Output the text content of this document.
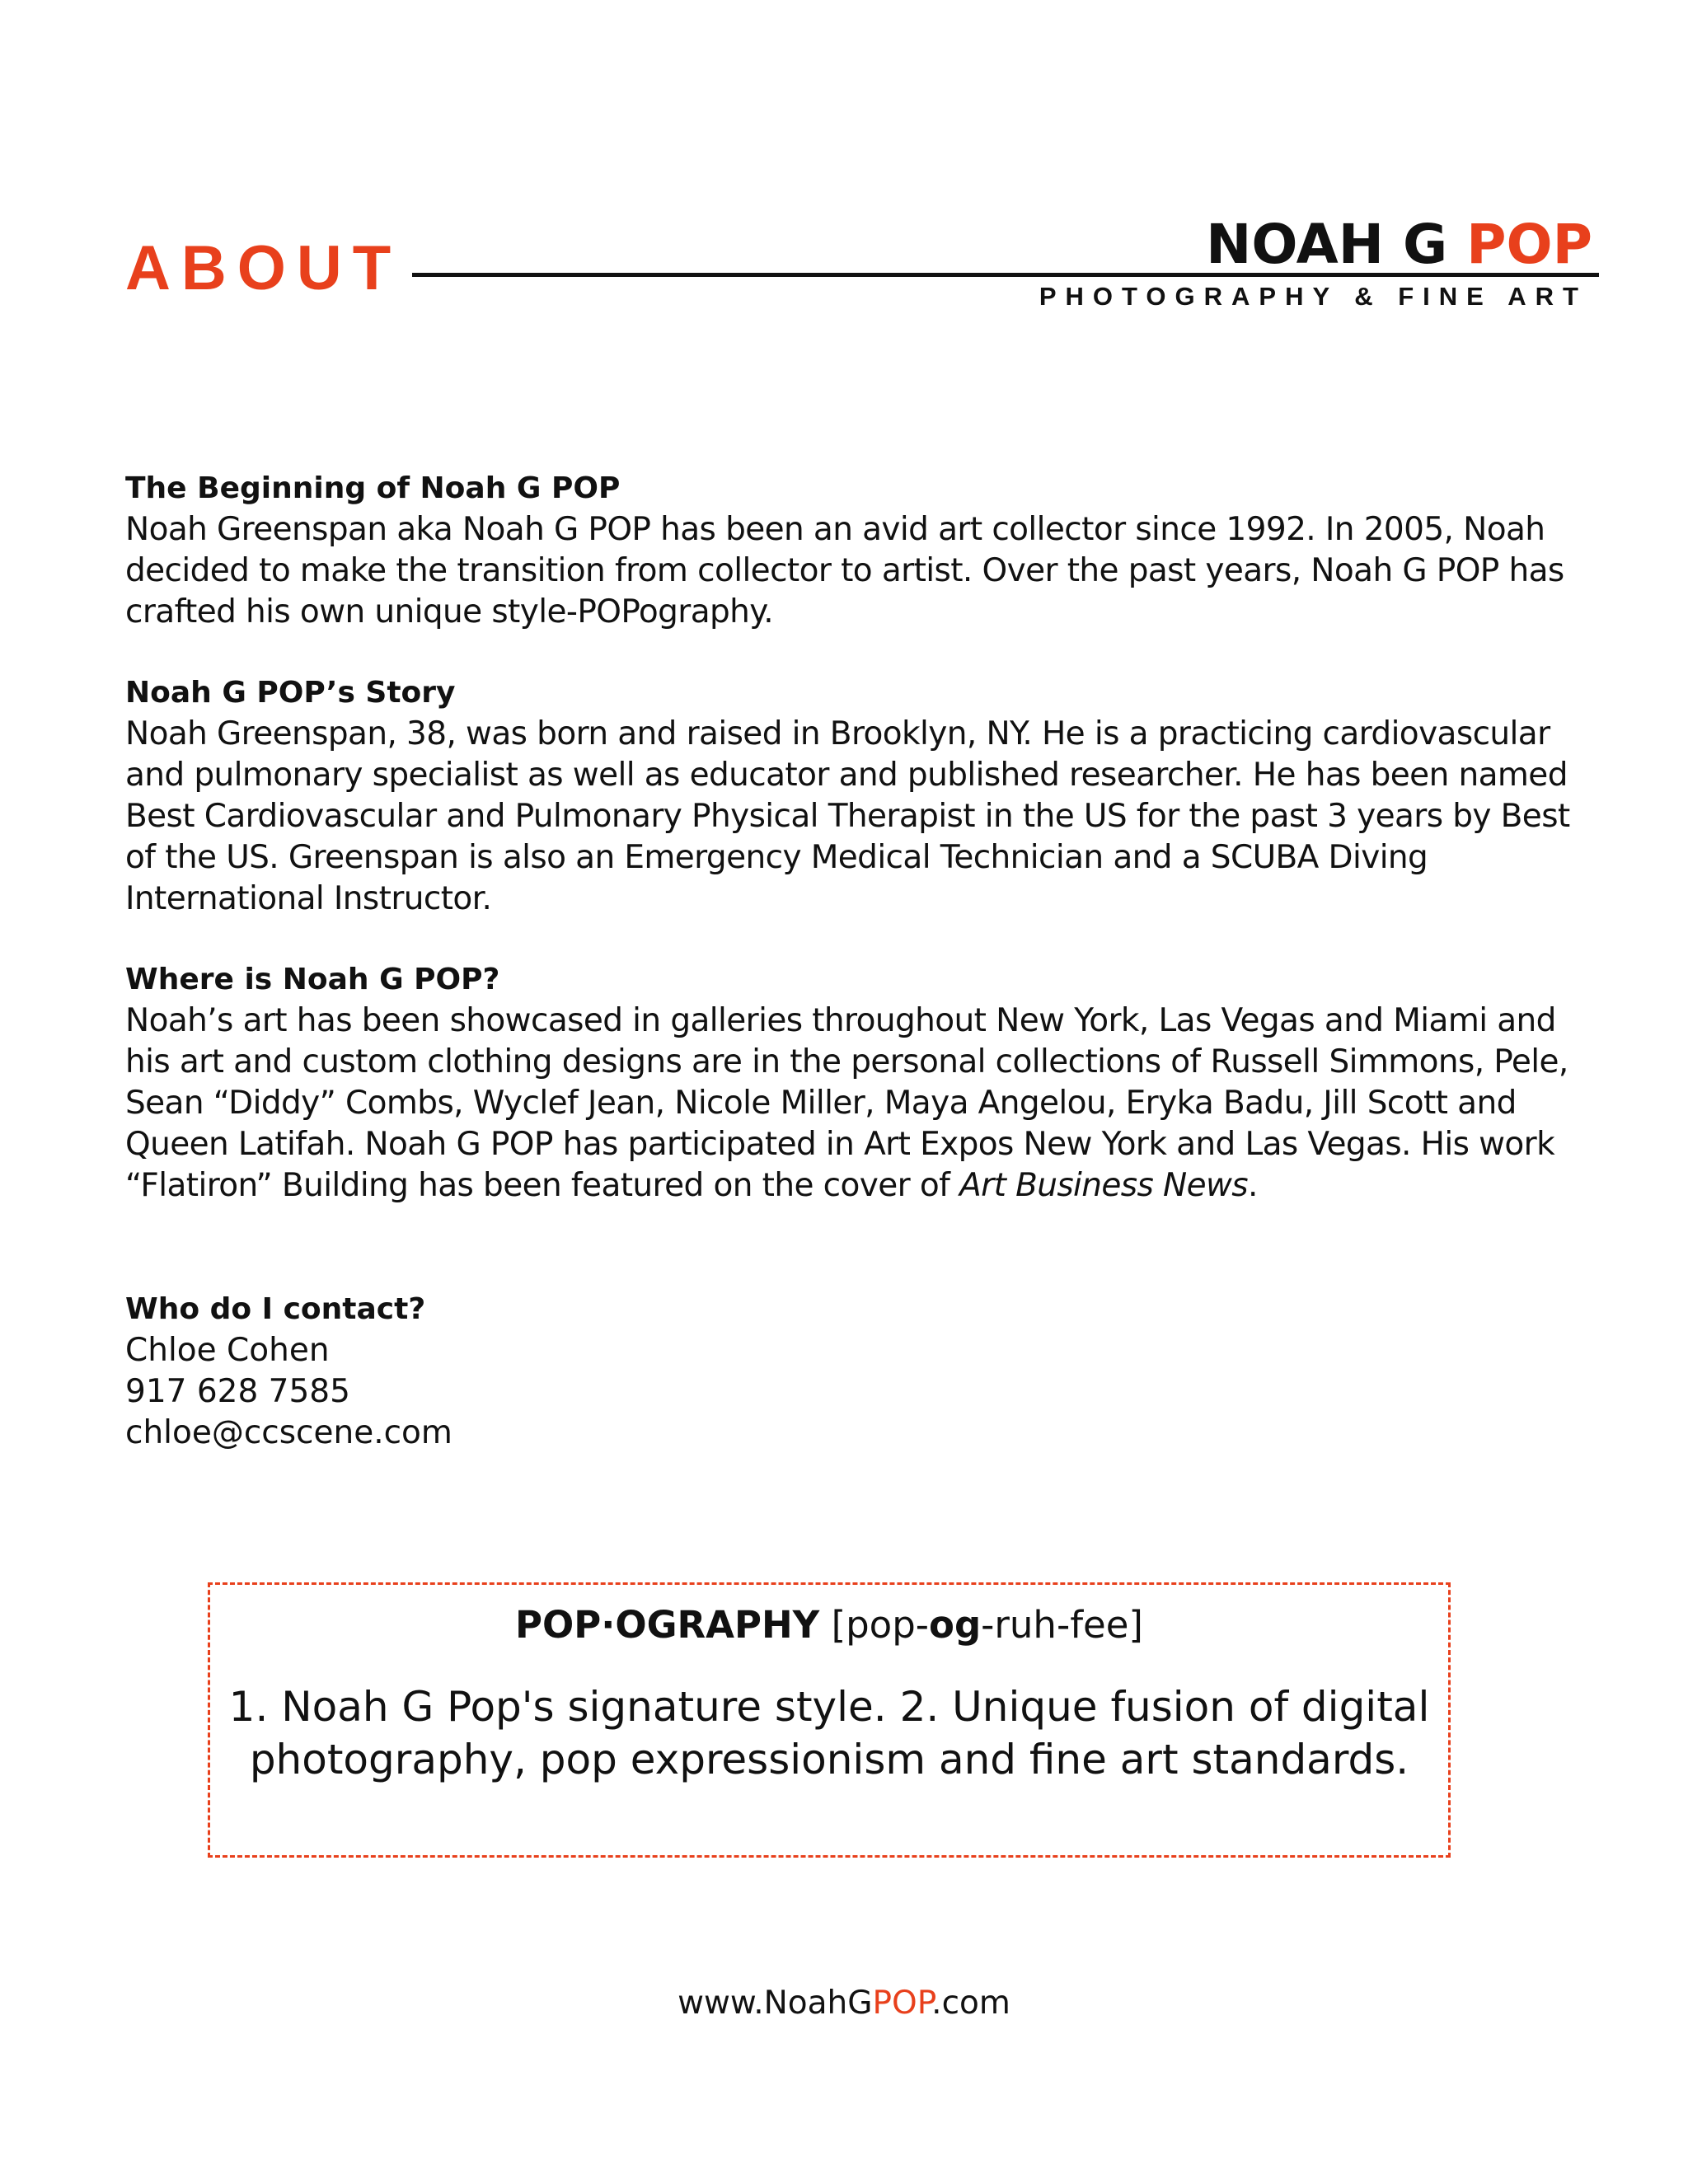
ABOUT	NOAH G POP
PHOTOGRAPHY & FINE ART
The Beginning of Noah G POP

Noah Greenspan aka Noah G POP has been an avid art collector since 1992. In 2005, Noah decided to make the transition from collector to artist. Over the past years, Noah G POP has crafted his own unique style-POPography.

Noah G POP’s Story

Noah Greenspan, 38, was born and raised in Brooklyn, NY. He is a practicing cardiovascular and pulmonary specialist as well as educator and published researcher. He has been named Best Cardiovascular and Pulmonary Physical Therapist in the US for the past 3 years by Best of the US. Greenspan is also an Emergency Medical Technician and a SCUBA Diving International Instructor.

Where is Noah G POP?

Noah’s art has been showcased in galleries throughout New York, Las Vegas and Miami and his art and custom clothing designs are in the personal collections of Russell Simmons, Pele, Sean “Diddy” Combs, Wyclef Jean, Nicole Miller, Maya Angelou, Eryka Badu, Jill Scott and Queen Latifah. Noah G POP has participated in Art Expos New York and Las Vegas. His work “Flatiron” Building has been featured on the cover of Art Business News.

Who do I contact?
Chloe Cohen
917 628 7585
chloe@ccscene.com
POP·OGRAPHY [pop-og-ruh-fee]
1. Noah G Pop's signature style. 2. Unique fusion of digital photography, pop expressionism and fine art standards.
www.NoahGPOP.com
